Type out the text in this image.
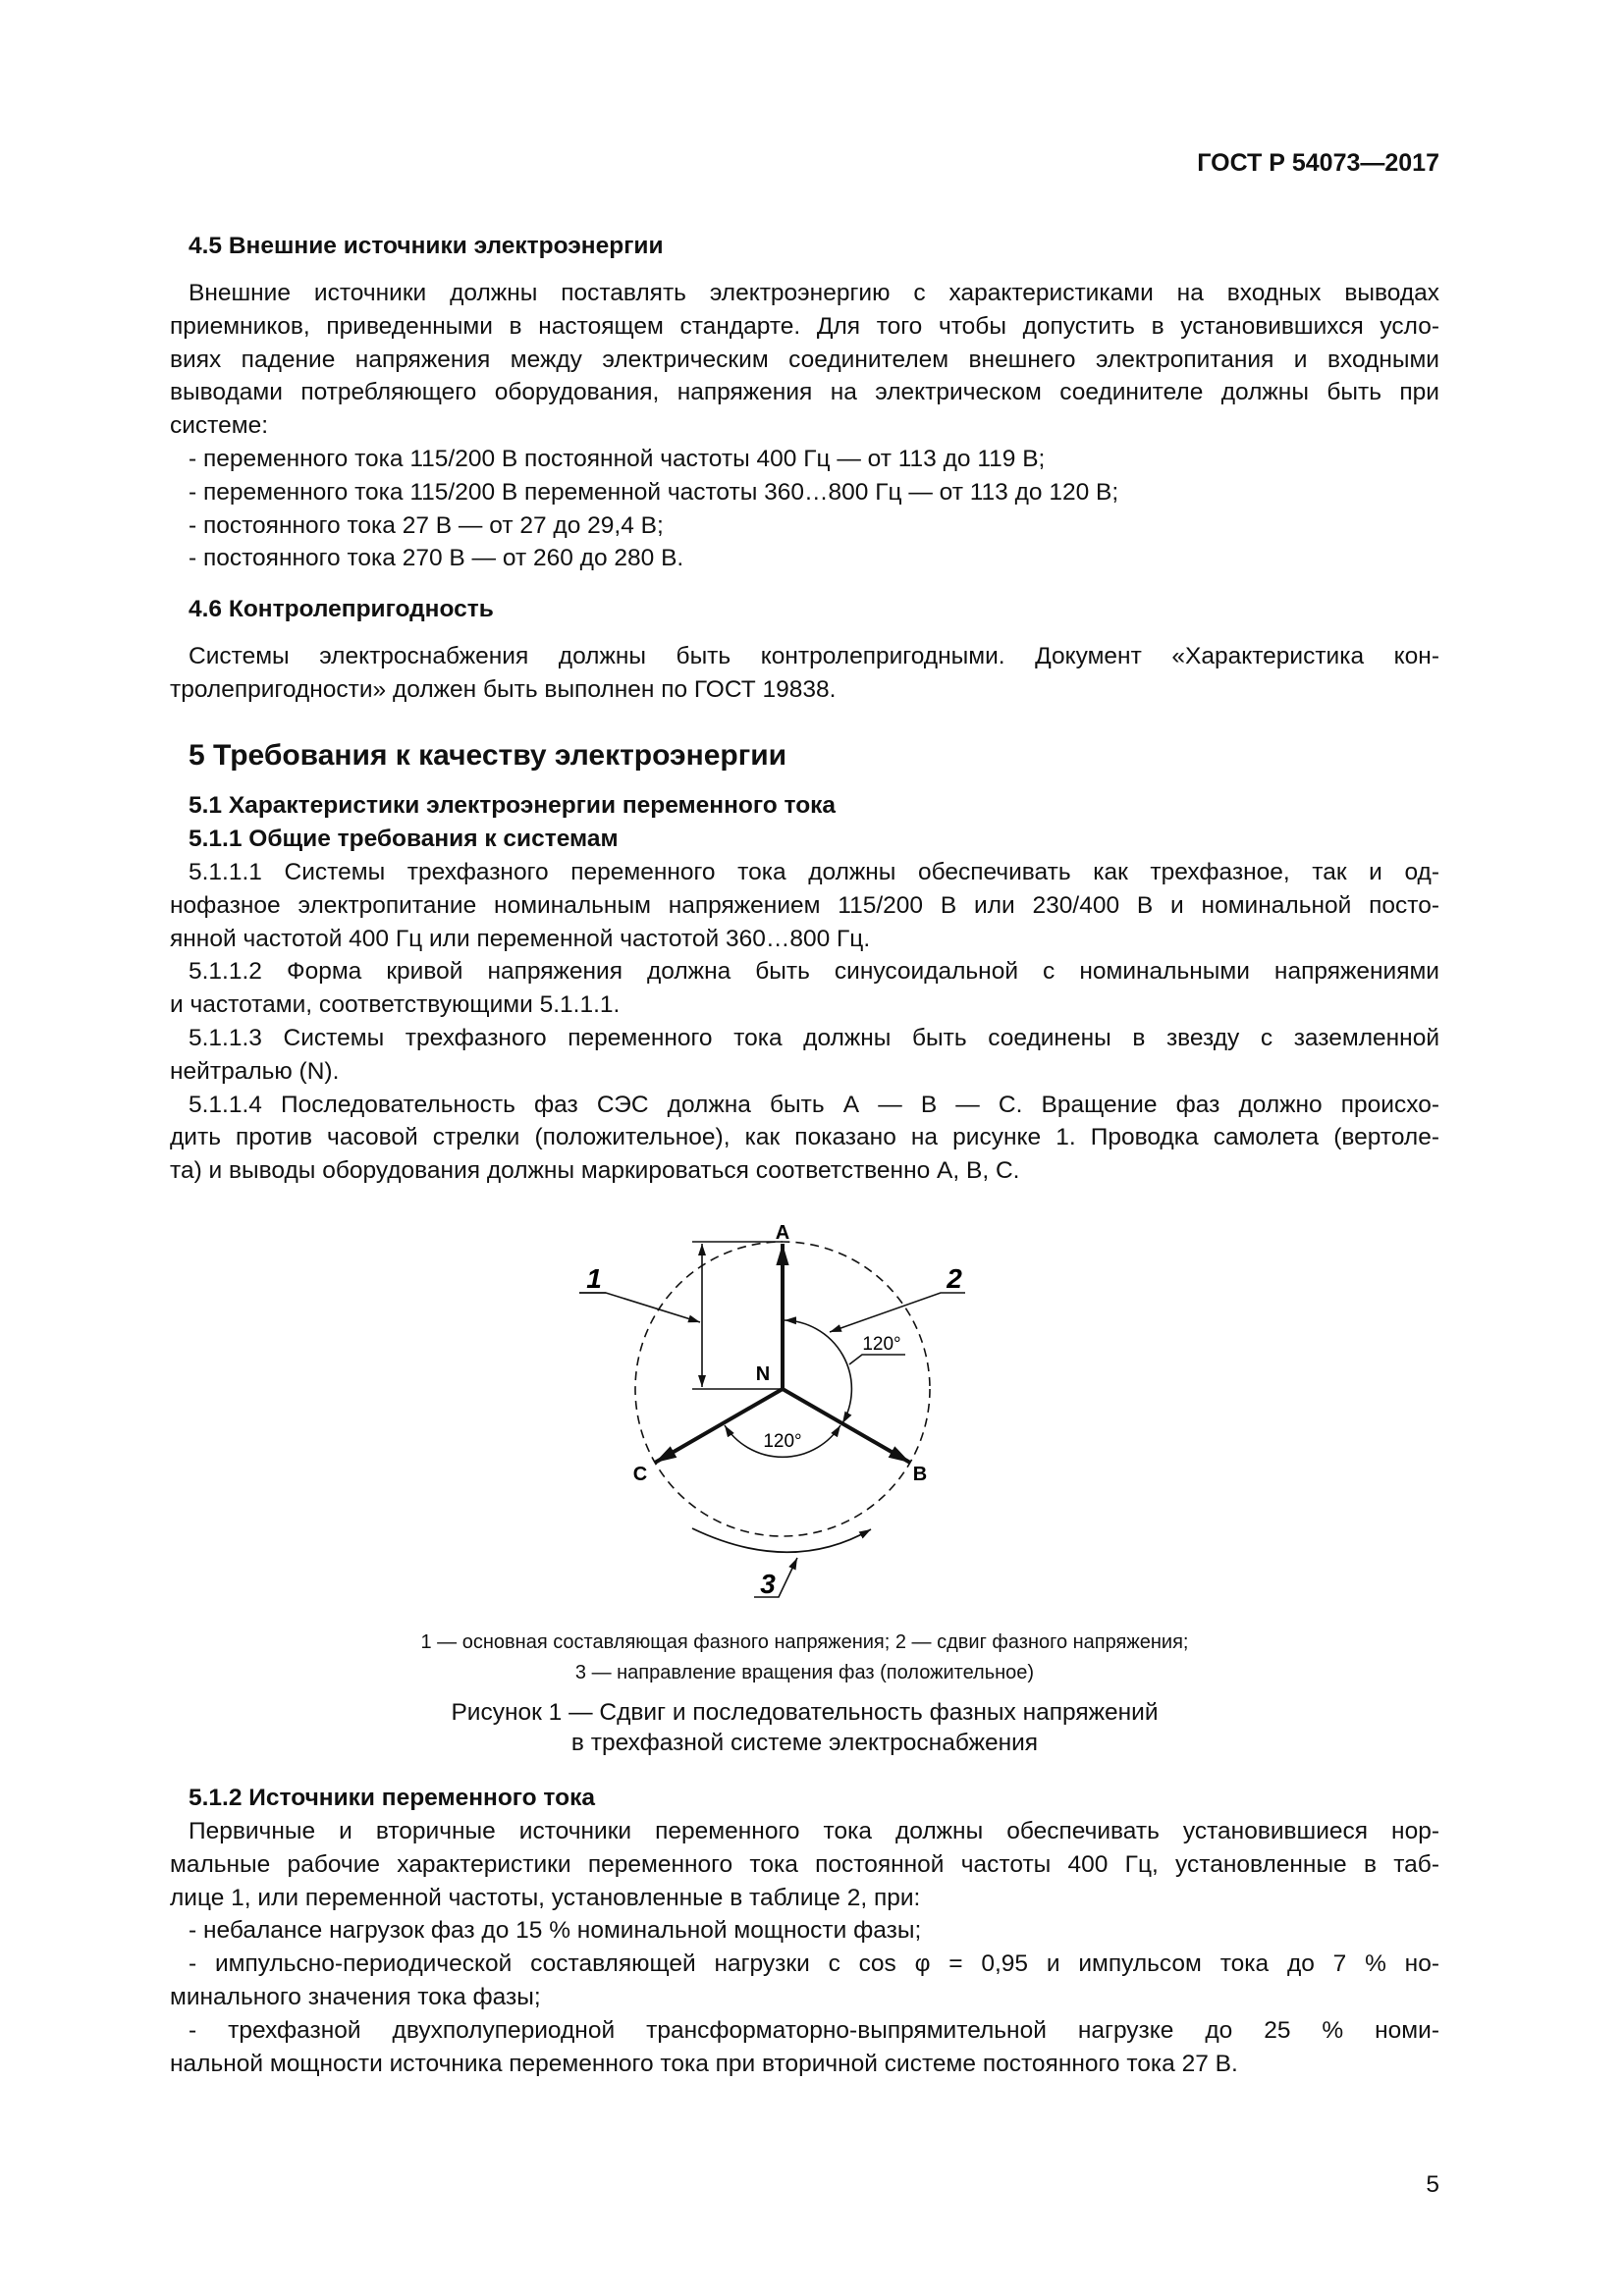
ГОСТ Р 54073—2017
4.5 Внешние источники электроэнергии
Внешние источники должны поставлять электроэнергию с характеристиками на входных выводах
приемников, приведенными в настоящем стандарте. Для того чтобы допустить в установившихся усло-
виях падение напряжения между электрическим соединителем внешнего электропитания и входными
выводами потребляющего оборудования, напряжения на электрическом соединителе должны быть при
системе:
- переменного тока 115/200 В постоянной частоты 400 Гц — от 113 до 119 В;
- переменного тока 115/200 В переменной частоты 360…800 Гц — от 113 до 120 В;
- постоянного тока 27 В — от 27 до 29,4 В;
- постоянного тока 270 В — от 260 до 280 В.
4.6 Контролепригодность
Системы электроснабжения должны быть контролепригодными. Документ «Характеристика кон-
тролепригодности» должен быть выполнен по ГОСТ 19838.
5 Требования к качеству электроэнергии
5.1 Характеристики электроэнергии переменного тока
5.1.1 Общие требования к системам
5.1.1.1 Системы трехфазного переменного тока должны обеспечивать как трехфазное, так и од-
нофазное электропитание номинальным напряжением 115/200 В или 230/400 В и номинальной посто-
янной частотой 400 Гц или переменной частотой 360…800 Гц.
5.1.1.2 Форма кривой напряжения должна быть синусоидальной с номинальными напряжениями
и частотами, соответствующими 5.1.1.1.
5.1.1.3 Системы трехфазного переменного тока должны быть соединены в звезду с заземленной
нейтралью (N).
5.1.1.4 Последовательность фаз СЭС должна быть А — В — С. Вращение фаз должно происхо-
дить против часовой стрелки (положительное), как показано на рисунке 1. Проводка самолета (вертоле-
та) и выводы оборудования должны маркироваться соответственно А, В, С.
5.1.2 Источники переменного тока
Первичные и вторичные источники переменного тока должны обеспечивать установившиеся нор-
мальные рабочие характеристики переменного тока постоянной частоты 400 Гц, установленные в таб-
лице 1, или переменной частоты, установленные в таблице 2, при:
- небалансе нагрузок фаз до 15 % номинальной мощности фазы;
- импульсно-периодической составляющей нагрузки с cos φ = 0,95 и импульсом тока до 7 % но-
минального значения тока фазы;
- трехфазной двухполупериодной трансформаторно-выпрямительной нагрузке до 25 % номи-
нальной мощности источника переменного тока при вторичной системе постоянного тока 27 В.
A
B
C
N
120°
120°
1	2
3
1 — основная составляющая фазного напряжения; 2 — сдвиг фазного напряжения;
3 — направление вращения фаз (положительное)
Рисунок 1 — Сдвиг и последовательность фазных напряжений
в трехфазной системе электроснабжения
5
